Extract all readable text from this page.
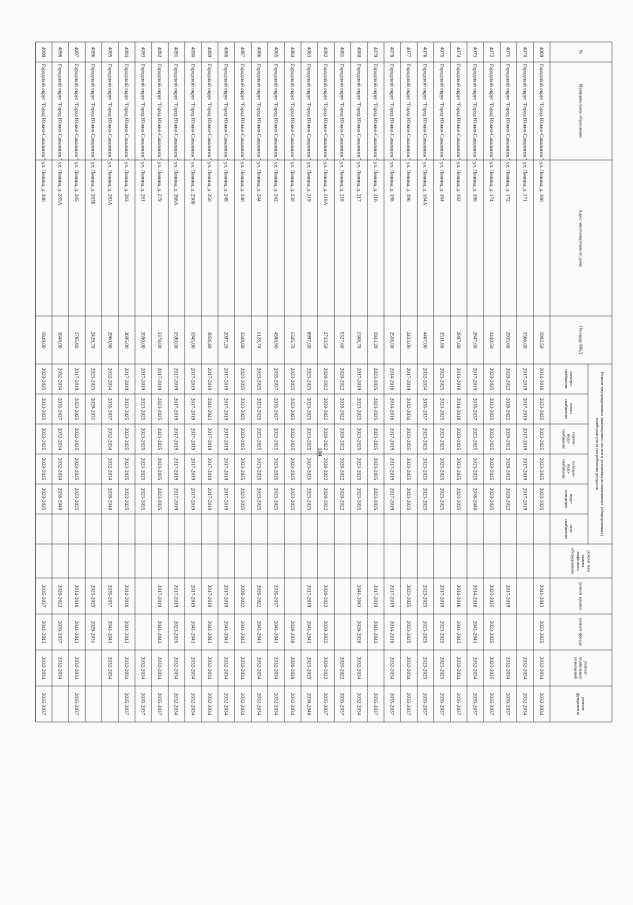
104
№
Муниципальное образование
Адрес многоквартирного дома
Площадь МКД
Ремонт внутридомовых инженерных систем и установка коллективных (общедомовых)приборов учета потребления ресурсов
электро-снабжение
тепло-снабжение
горяче-водо-снабжение
холодно-водо-снабжение
водо-отведение
газо-снабжение
ремонт илизаменалифтовогооборудования
ремонт крыши
ремонт фасада
ремонтподвальныхпомещений
ремонтфундамента
4069
Городской округ "Город Южно-Сахалинск"
ул. Ленина, д. 166
1902,50
2014-2016
2023-2025
2023-2025
2023-2025
2023-2025
2041-2043
2023-2025
2032-2034
2032-2034
4070
Городской округ "Город Южно-Сахалинск"
ул. Ленина, д. 171
3366,00
2017-2019
2017-2019
2017-2019
2017-2019
2017-2019
2032-2034
2032-2034
4071
Городской округ "Город Южно-Сахалинск"
ул. Ленина, д. 172
2935,60
2020-2022
2020-2022
2020-2022
2020-2022
2020-2022
2017-2019
2032-2034
2035-2037
4072
Городской округ "Город Южно-Сахалинск"
ул. Ленина, д. 174
3440,50
2023-2025
2023-2025
2023-2025
2023-2025
2023-2025
2023-2025
2023-2025
2023-2025
2035-2037
4073
Городской округ "Город Южно-Сахалинск"
ул. Ленина, д. 180
2847,00
2017-2019
2035-2037
2023-2025
2023-2025
2038-2040
2014-2016
2041-2043
2032-2034
2035-2037
4074
Городской округ "Город Южно-Сахалинск"
ул. Ленина, д. 182
2897,00
2014-2016
2014-2016
2023-2025
2023-2025
2023-2025
2014-2016
2041-2043
2032-2034
2035-2037
4075
Городской округ "Город Южно-Сахалинск"
ул. Ленина, д. 184
3511,80
2023-2025
2023-2025
2023-2025
2023-2025
2023-2025
2017-2019
2023-2025
2023-2025
2035-2037
4076
Городской округ "Город Южно-Сахалинск"
ул. Ленина, д. 184А
4467,00
2032-2034
2035-2037
2023-2025
2023-2025
2023-2025
2023-2025
2023-2025
2023-2025
2035-2037
4077
Городской округ "Город Южно-Сахалинск"
ул. Ленина, д. 196
2433,00
2017-2019
2032-2034
2023-2025
2023-2025
2023-2025
2023-2025
2023-2025
2032-2034
2035-2037
4078
Городской округ "Город Южно-Сахалинск"
ул. Ленина, д. 198
2556,00
2014-2016
2014-2016
2017-2019
2017-2019
2017-2019
2017-2019
2014-2016
2032-2034
2035-2037
4079
Городской округ "Город Южно-Сахалинск"
ул. Ленина, д. 216
1943,20
2023-2025
2023-2025
2023-2025
2023-2025
2023-2025
2017-2019
2041-2043
2035-2037
4080
Городской округ "Город Южно-Сахалинск"
ул. Ленина, д. 217
1388,70
2017-2019
2023-2025
2023-2025
2023-2025
2023-2025
2041-2043
2026-2028
2032-2034
2032-2034
4081
Городской округ "Город Южно-Сахалинск"
ул. Ленина, д. 218
5327,60
2020-2022
2020-2022
2020-2022
2020-2022
2020-2022
2020-2022
2035-2037
4082
Городской округ "Город Южно-Сахалинск"
ул. Ленина, д. 218А
2712,50
2020-2022
2020-2022
2020-2022
2020-2022
2020-2022
2020-2022
2020-2022
2020-2022
2035-2037
4083
Городской округ "Город Южно-Сахалинск"
ул. Ленина, д. 219
6997,00
2023-2025
2023-2025
2023-2025
2023-2025
2023-2025
2017-2019
2041-2043
2023-2025
2038-2040
4084
Городской округ "Город Южно-Сахалинск"
ул. Ленина, д. 230
1345,70
2023-2025
2023-2025
2023-2025
2023-2025
2023-2025
2026-2028
2026-2028
2032-2034
4085
Городской округ "Город Южно-Сахалинск"
ул. Ленина, д. 242
4580,90
2035-2037
2035-2037
2023-2025
2023-2025
2023-2025
2035-2037
2041-2043
2032-2034
2032-2034
4086
Городской округ "Город Южно-Сахалинск"
ул. Ленина, д. 244
1128,70
2023-2025
2023-2025
2023-2025
2023-2025
2023-2025
2020-2022
2041-2043
2032-2034
2032-2034
4087
Городской округ "Город Южно-Сахалинск"
ул. Ленина, д. 246
3348,00
2023-2025
2023-2025
2023-2025
2023-2025
2023-2025
2020-2022
2041-2043
2032-2034
2032-2034
4088
Городской округ "Город Южно-Сахалинск"
ул. Ленина, д. 248
2097,20
2017-2019
2017-2019
2017-2019
2017-2019
2017-2019
2017-2019
2041-2043
2032-2034
2032-2034
4089
Городской округ "Город Южно-Сахалинск"
ул. Ленина, д. 250
3856,40
2017-2019
2041-2043
2017-2019
2017-2019
2017-2019
2017-2019
2041-2043
2032-2034
2032-2034
4090
Городской округ "Город Южно-Сахалинск"
ул. Ленина, д. 256Б
1945,00
2017-2019
2017-2019
2017-2019
2017-2019
2017-2019
2017-2019
2041-2043
2032-2034
2032-2034
4091
Городской округ "Город Южно-Сахалинск"
ул. Ленина, д. 268А
1590,00
2017-2019
2017-2019
2017-2019
2017-2019
2017-2019
2017-2019
2023-2025
2032-2034
2032-2034
4092
Городской округ "Город Южно-Сахалинск"
ул. Ленина, д. 279
3378,00
2017-2019
2023-2025
2023-2025
2023-2025
2023-2025
2017-2019
2041-2043
2032-2034
2035-2037
4093
Городской округ "Город Южно-Сахалинск"
ул. Ленина, д. 281
3590,00
2017-2019
2023-2025
2023-2025
2023-2025
2023-2025
2032-2034
2035-2037
4094
Городской округ "Город Южно-Сахалинск"
ул. Ленина, д. 283
3695,00
2017-2019
2023-2025
2023-2025
2023-2025
2023-2025
2014-2016
2041-2043
2032-2034
2035-2037
4095
Городской округ "Город Южно-Сахалинск"
ул. Ленина, д. 283А
2960,90
2032-2034
2035-2037
2032-2034
2032-2034
2038-2040
2035-2037
2041-2043
2032-2034
4096
Городской округ "Город Южно-Сахалинск"
ул. Ленина, д. 283Б
2429,70
2023-2025
2029-2031
2023-2025
2029-2031
4097
Городской округ "Город Южно-Сахалинск"
ул. Ленина, д. 285
2785,60
2017-2019
2023-2025
2023-2025
2023-2025
2023-2025
2014-2016
2041-2043
2032-2034
2035-2037
4098
Городской округ "Город Южно-Сахалинск"
ул. Ленина, д. 285А
3848,00
2032-2034
2035-2037
2032-2034
2032-2034
2038-2040
2020-2022
2035-2037
2032-2034
4099
Городской округ "Город Южно-Сахалинск"
ул. Ленина, д. 286
1849,00
2023-2025
2023-2025
2023-2025
2023-2025
2023-2025
2035-2037
2041-2043
2032-2034
2035-2037
